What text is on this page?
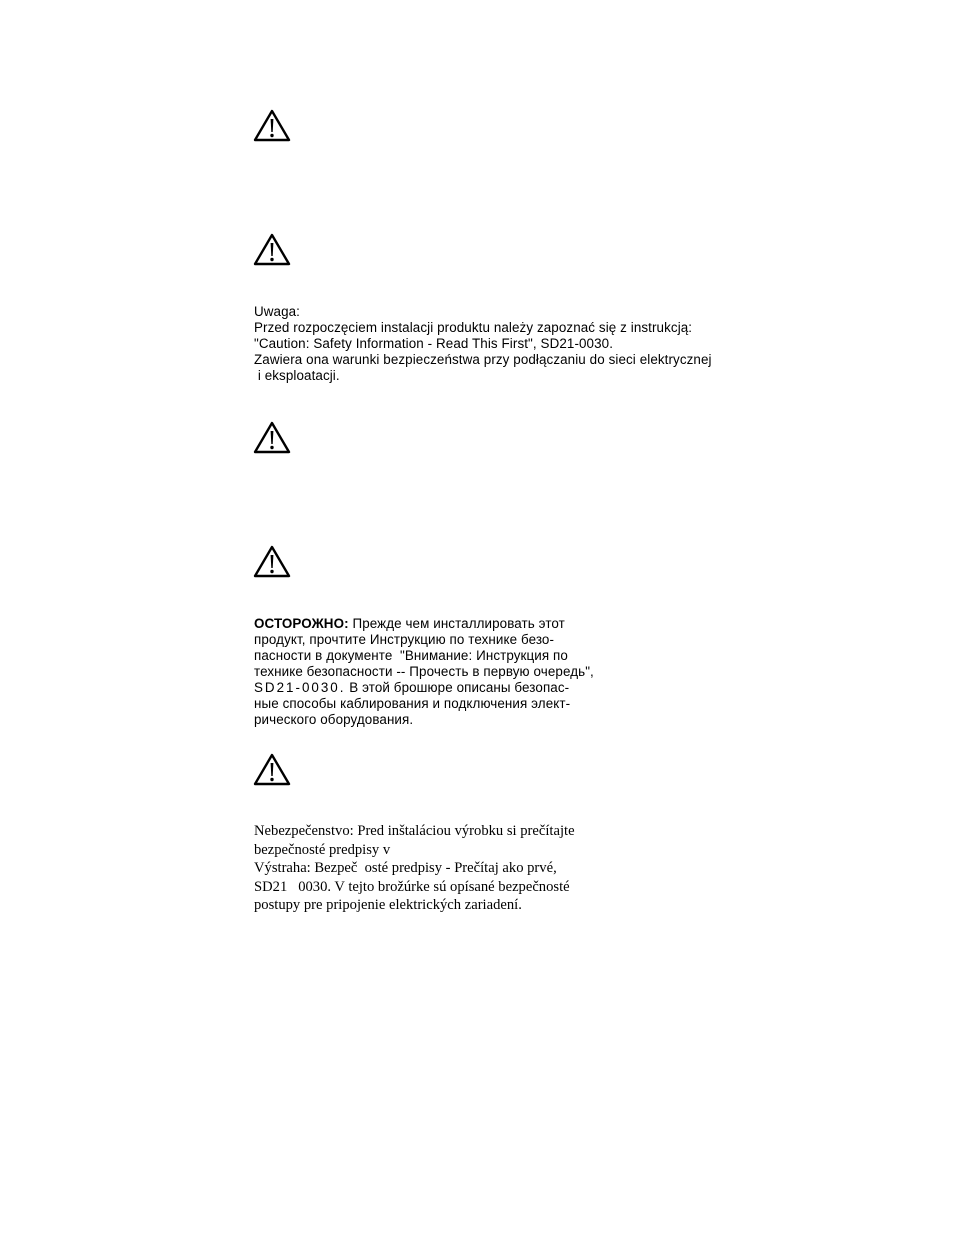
Uwaga:
Przed rozpoczęciem instalacji produktu należy zapoznać się z instrukcją:
"Caution: Safety Information - Read This First", SD21-0030.
Zawiera ona warunki bezpieczeństwa przy podłączaniu do sieci elektrycznej
i eksploatacji.
ОСТОРОЖНО: Прежде чем инсталлировать этот
продукт, прочтите Инструкцию по технике безо-
пасности в документе  "Внимание: Инструкция по
технике безопасности -- Прочесть в первую очередь",
SD21-0030. В этой брошюре описаны безопас-
ные способы каблирования и подключения элект-
рического оборудования.
Nebezpečenstvo: Pred inštaláciou výrobku si prečítajte
bezpečnosté predpisy v
Výstraha: Bezpeč  osté predpisy - Prečítaj ako prvé,
SD21   0030. V tejto brožúrke sú opísané bezpečnosté
postupy pre pripojenie elektrických zariadení.
